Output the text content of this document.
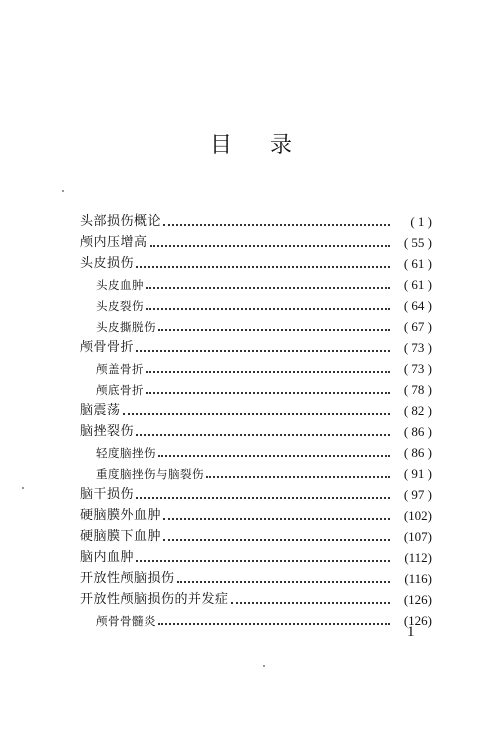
目 录
头部损伤概论	( 1 )
颅内压增高	( 55 )
头皮损伤	( 61 )
头皮血肿	( 61 )
头皮裂伤	( 64 )
头皮撕脱伤	( 67 )
颅骨骨折	( 73 )
颅盖骨折	( 73 )
颅底骨折	( 78 )
脑震荡	( 82 )
脑挫裂伤	( 86 )
轻度脑挫伤	( 86 )
重度脑挫伤与脑裂伤	( 91 )
脑干损伤	( 97 )
硬脑膜外血肿	(102)
硬脑膜下血肿	(107)
脑内血肿	(112)
开放性颅脑损伤	(116)
开放性颅脑损伤的并发症	(126)
颅骨骨髓炎	(126)
1
